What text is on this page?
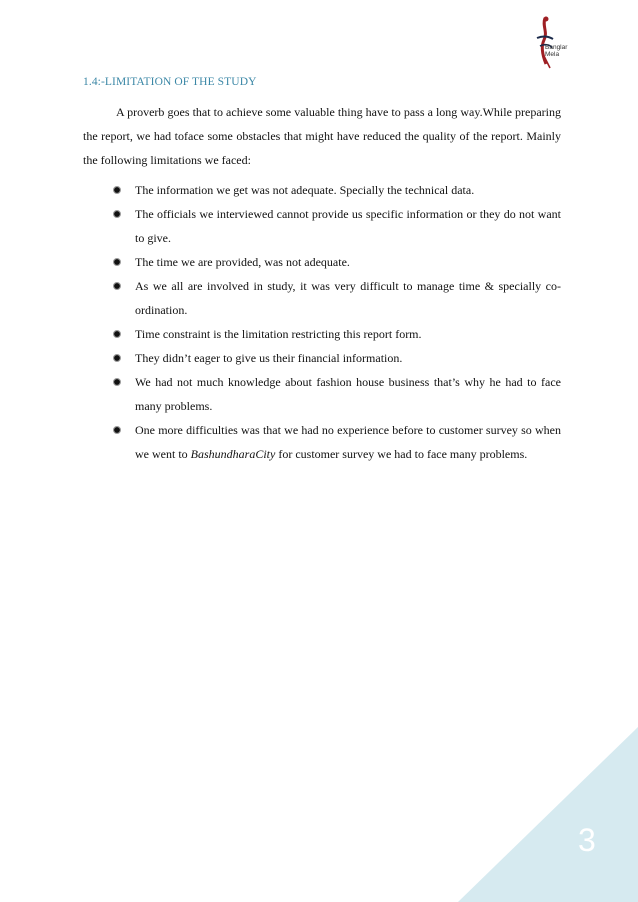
Banglar
Mela
1.4:-LIMITATION OF THE STUDY

A proverb goes that to achieve some valuable thing have to pass a long way.While preparing the report, we had toface some obstacles that might have reduced the quality of the report. Mainly the following limitations we faced:

The information we get was not adequate. Specially the technical data.
The officials we interviewed cannot provide us specific information or they do not want to give.
The time we are provided, was not adequate.
As we all are involved in study, it was very difficult to manage time & specially co-ordination.
Time constraint is the limitation restricting this report form.
They didn’t eager to give us their financial information.
We had not much knowledge about fashion house business that’s why he had to face many problems.
One more difficulties was that we had no experience before to customer survey so when we went to BashundharaCity for customer survey we had to face many problems.
3
